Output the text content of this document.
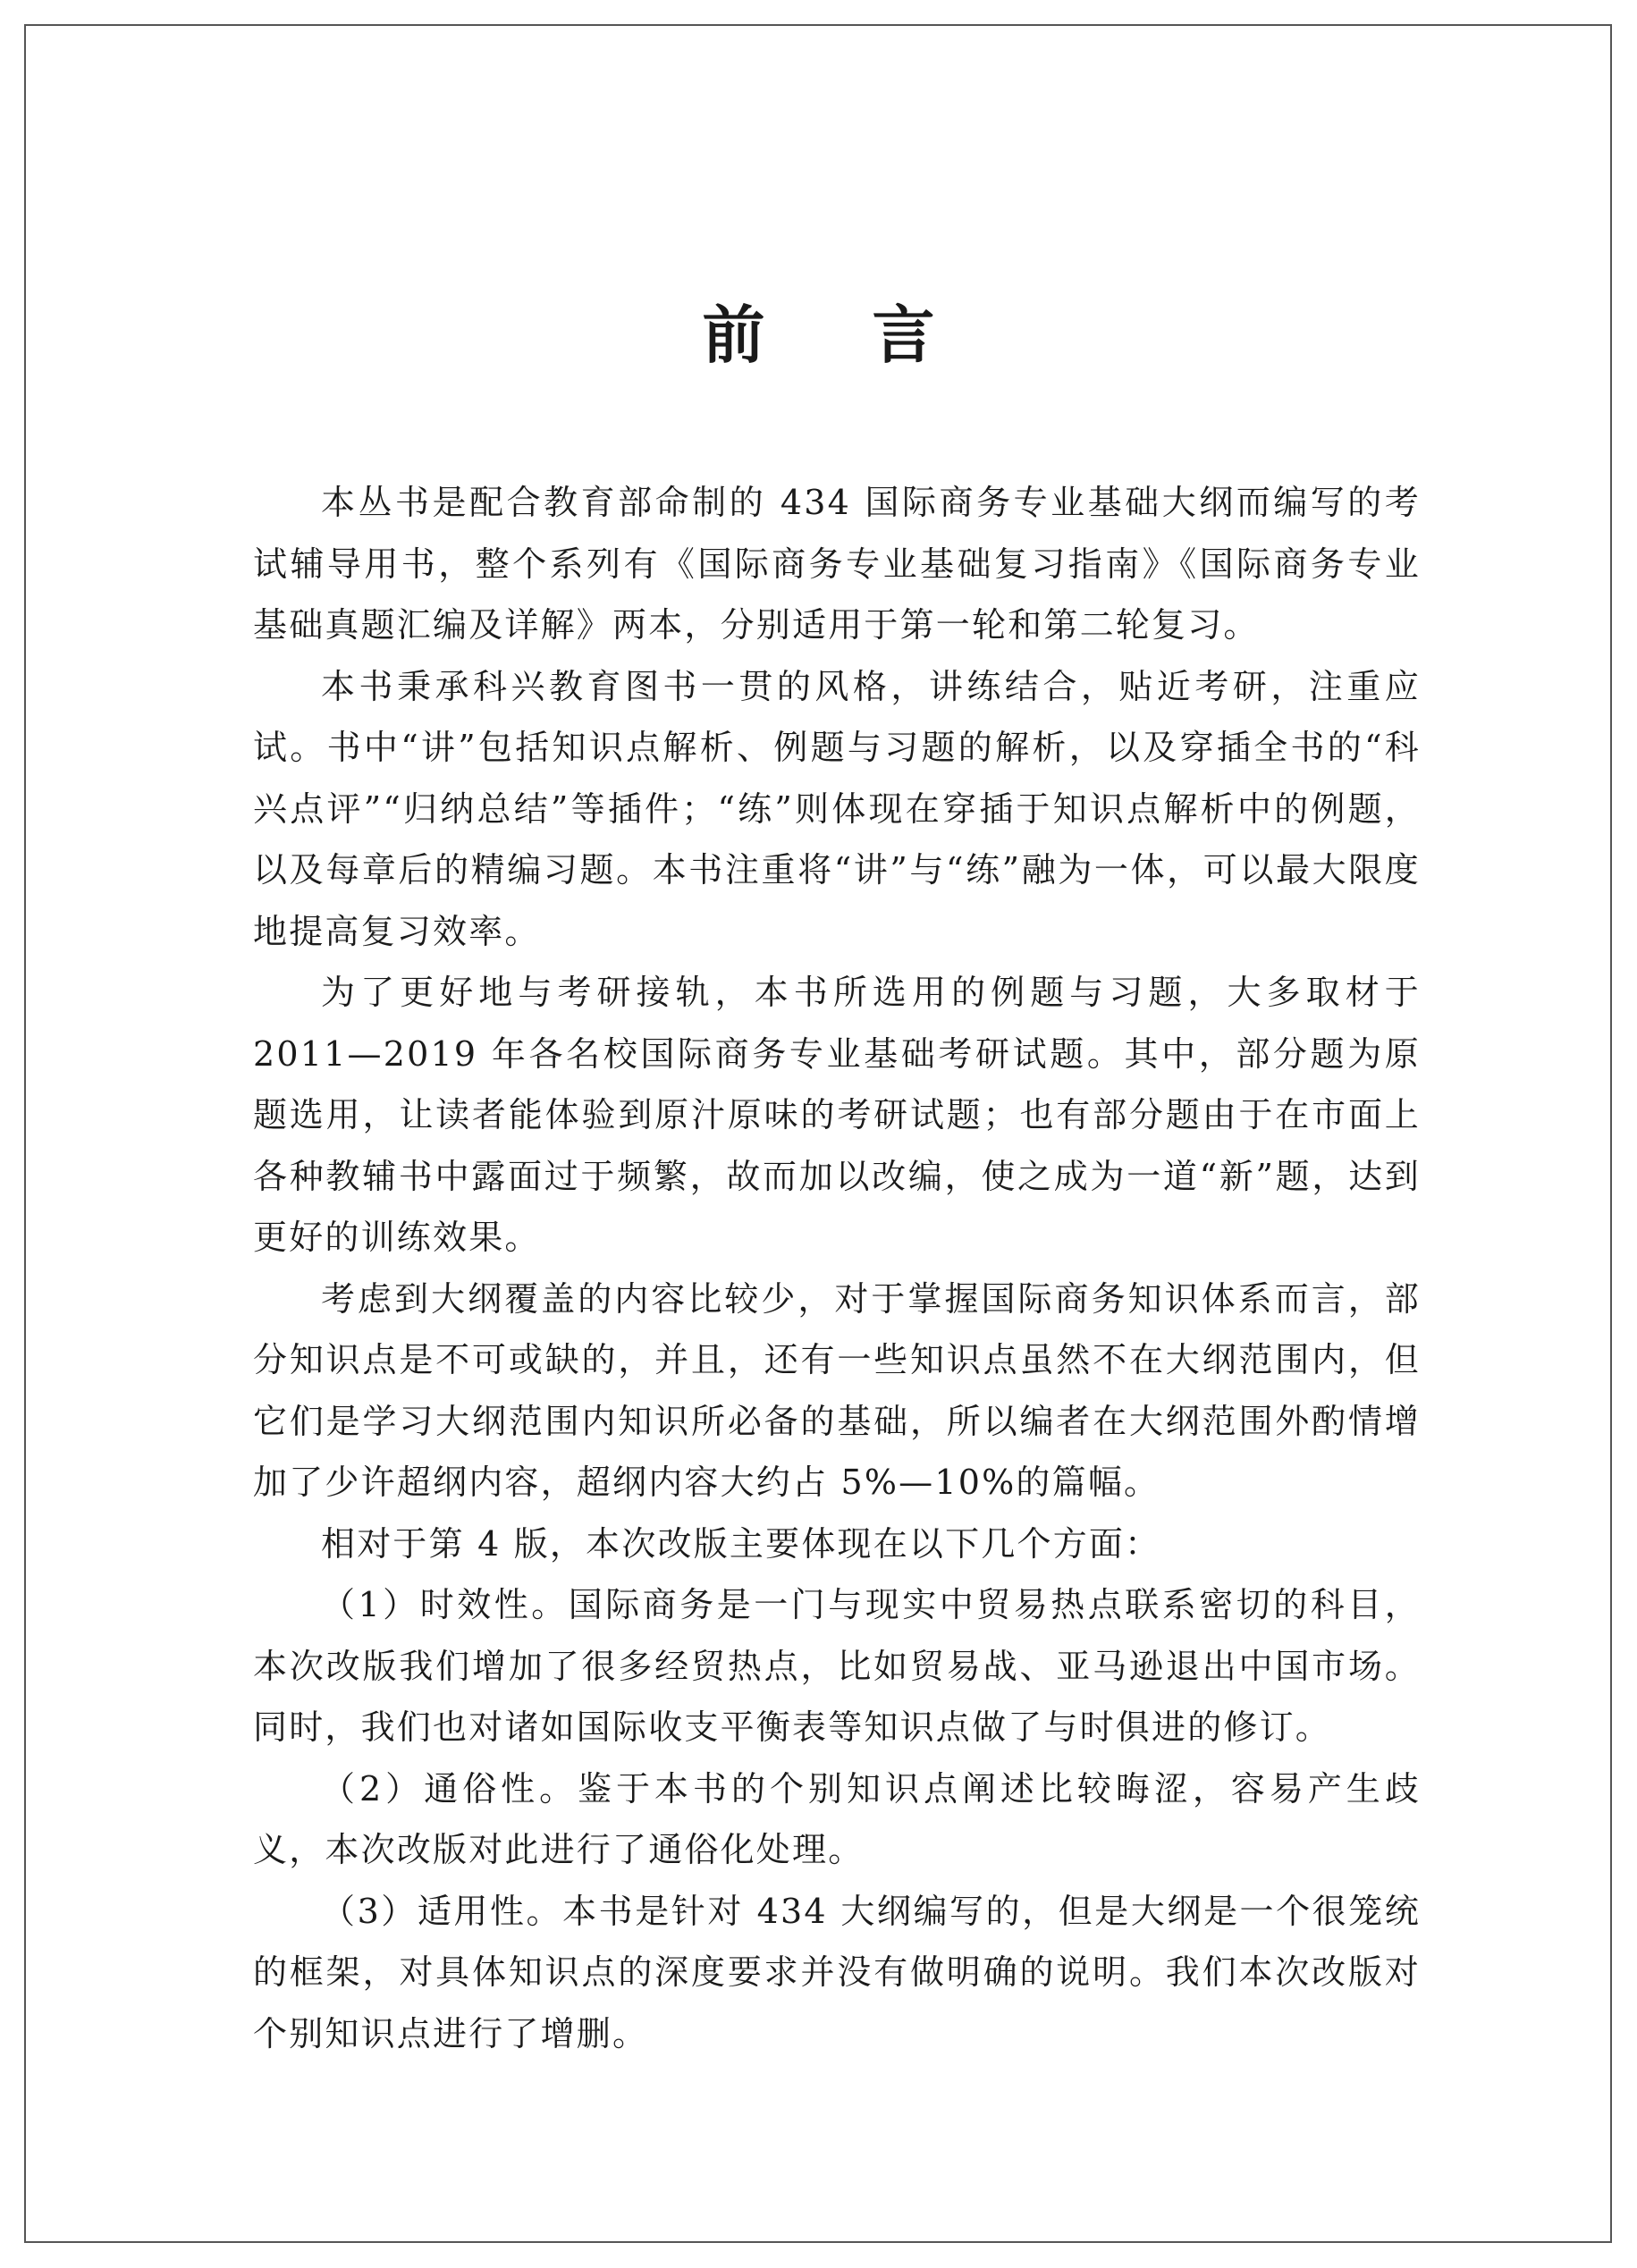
前 言

本丛书是配合教育部命制的 434 国际商务专业基础大纲而编写的考试辅导用书，整个系列有《国际商务专业基础复习指南》《国际商务专业基础真题汇编及详解》两本，分别适用于第一轮和第二轮复习。

本书秉承科兴教育图书一贯的风格，讲练结合，贴近考研，注重应试。书中“讲”包括知识点解析、例题与习题的解析，以及穿插全书的“科兴点评”“归纳总结”等插件；“练”则体现在穿插于知识点解析中的例题，以及每章后的精编习题。本书注重将“讲”与“练”融为一体，可以最大限度地提高复习效率。

为了更好地与考研接轨，本书所选用的例题与习题，大多取材于 2011—2019 年各名校国际商务专业基础考研试题。其中，部分题为原题选用，让读者能体验到原汁原味的考研试题；也有部分题由于在市面上各种教辅书中露面过于频繁，故而加以改编，使之成为一道“新”题，达到更好的训练效果。

考虑到大纲覆盖的内容比较少，对于掌握国际商务知识体系而言，部分知识点是不可或缺的，并且，还有一些知识点虽然不在大纲范围内，但它们是学习大纲范围内知识所必备的基础，所以编者在大纲范围外酌情增加了少许超纲内容，超纲内容大约占 5%—10%的篇幅。

相对于第 4 版，本次改版主要体现在以下几个方面：

（1）时效性。国际商务是一门与现实中贸易热点联系密切的科目，本次改版我们增加了很多经贸热点，比如贸易战、亚马逊退出中国市场。同时，我们也对诸如国际收支平衡表等知识点做了与时俱进的修订。

（2）通俗性。鉴于本书的个别知识点阐述比较晦涩，容易产生歧义，本次改版对此进行了通俗化处理。

（3）适用性。本书是针对 434 大纲编写的，但是大纲是一个很笼统的框架，对具体知识点的深度要求并没有做明确的说明。我们本次改版对个别知识点进行了增删。
